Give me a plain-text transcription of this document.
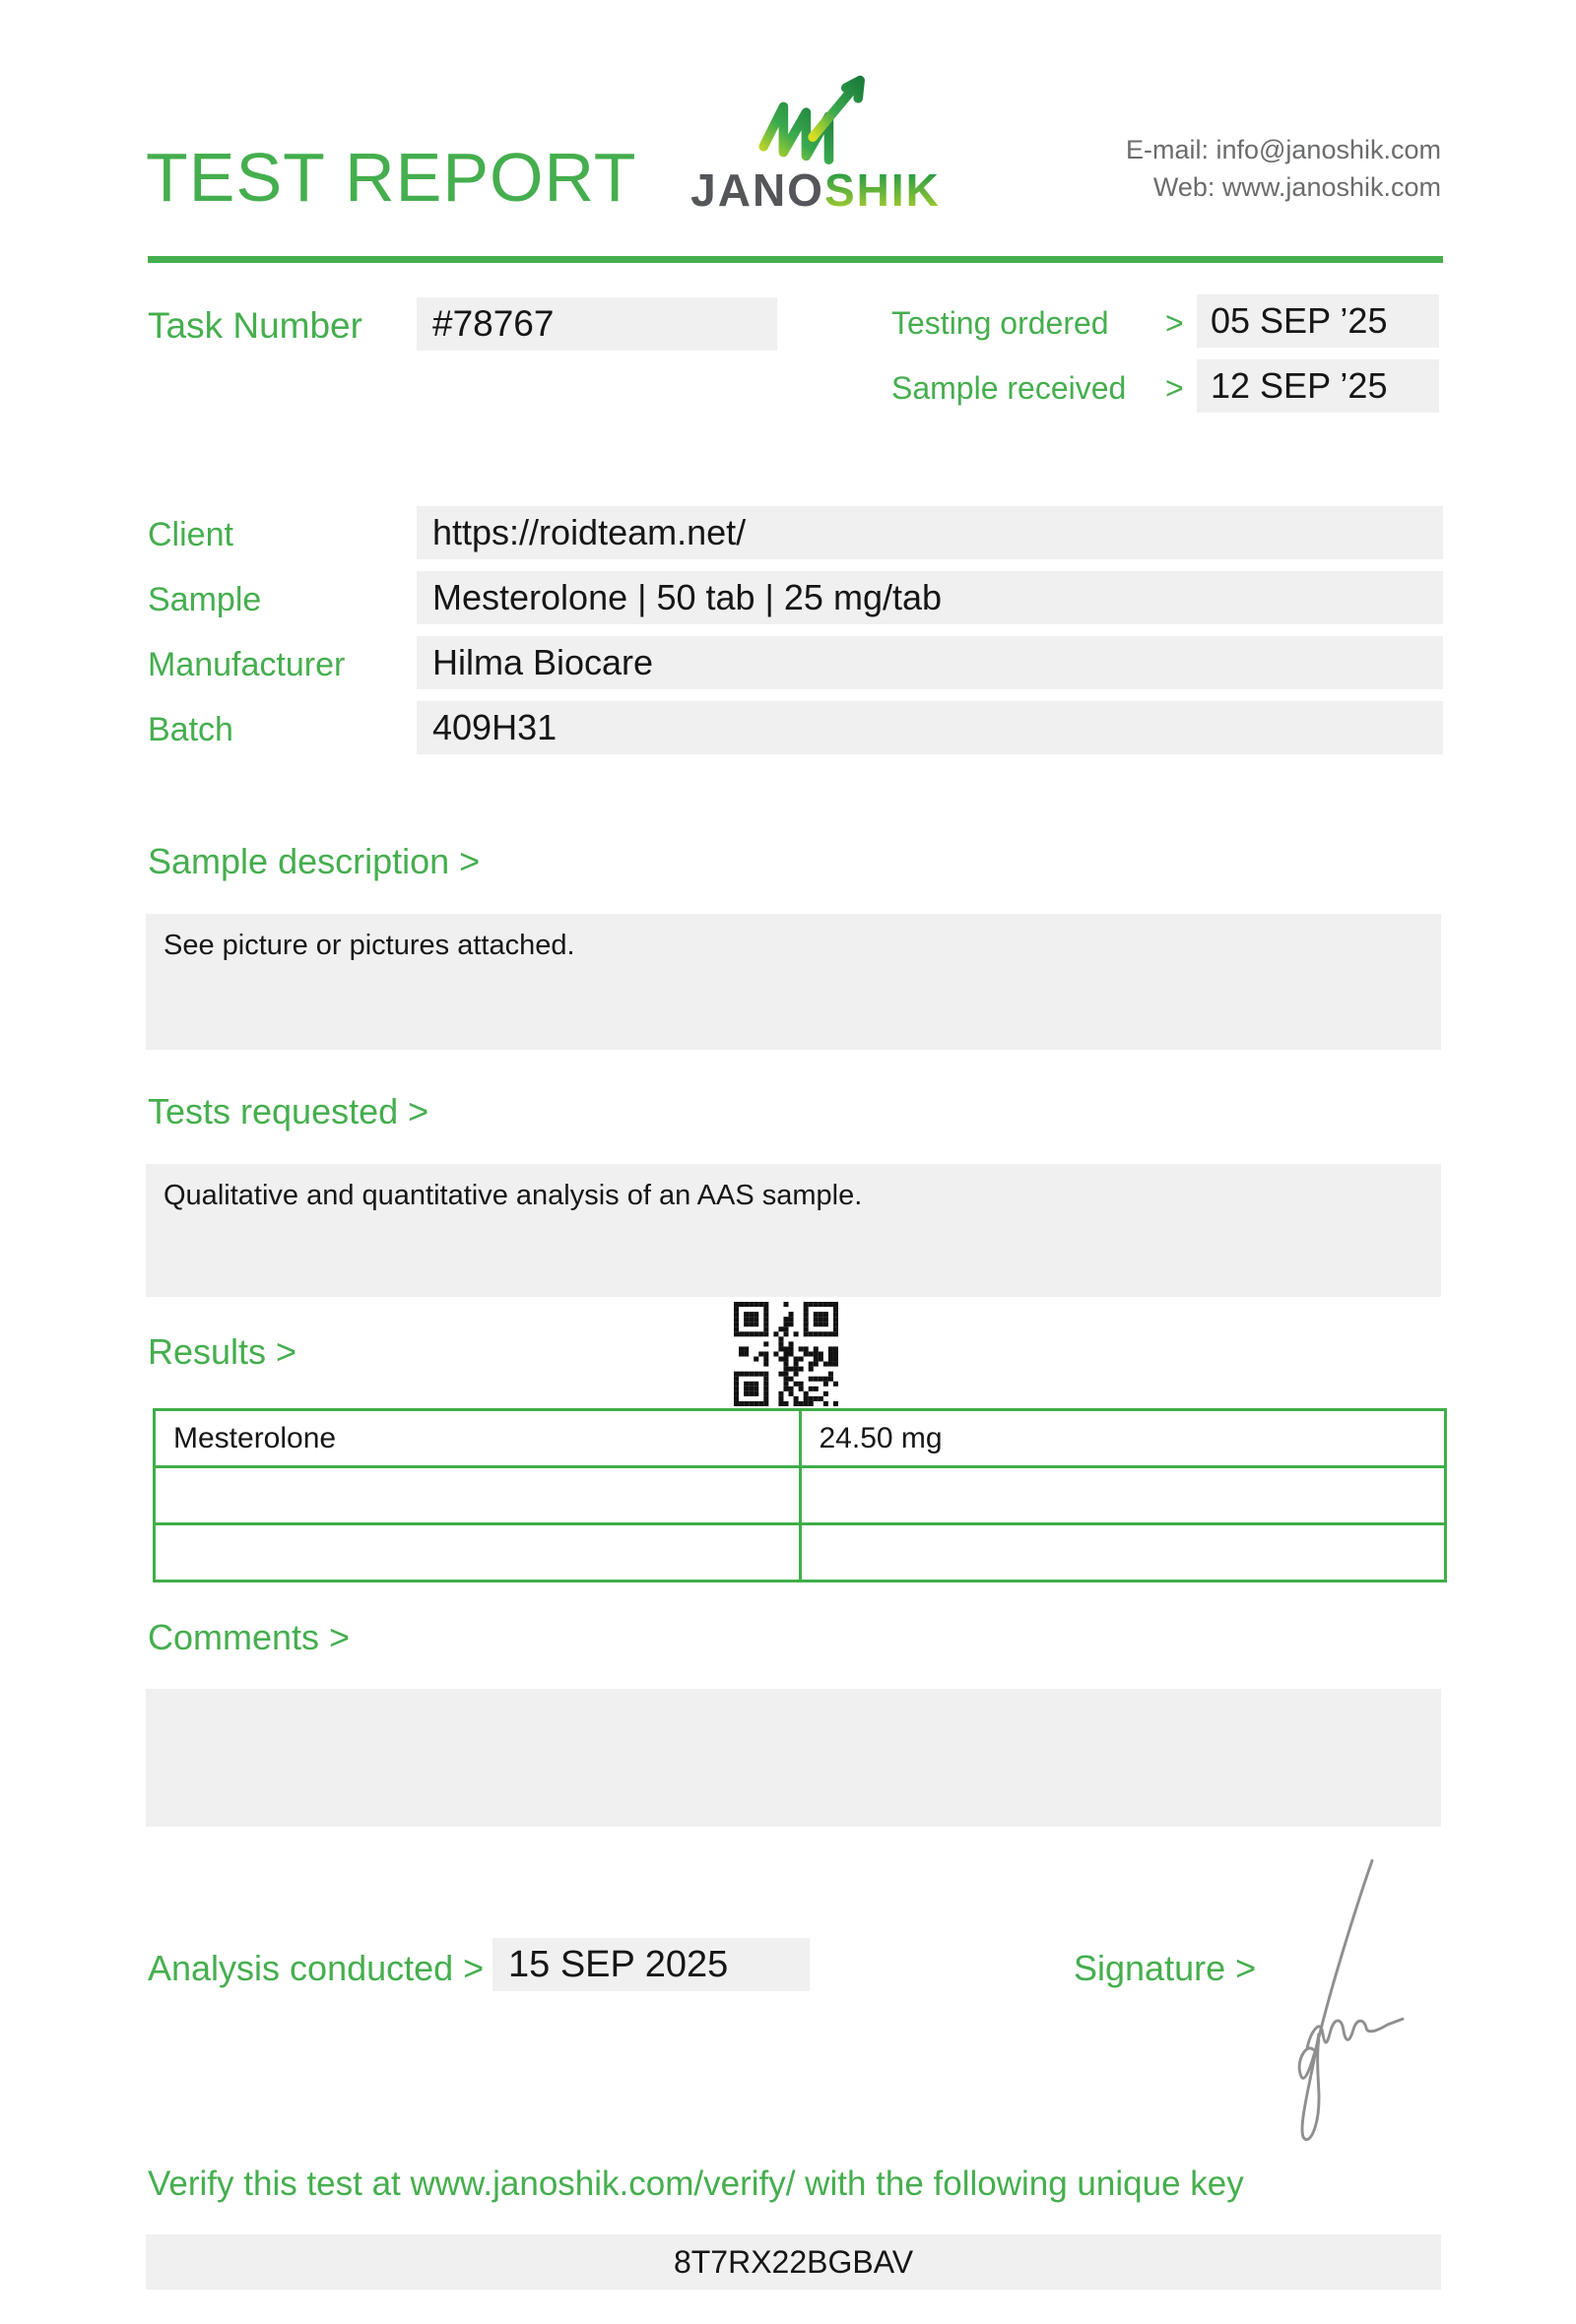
TEST REPORT	JANOSHIK
E-mail: info@janoshik.com
Web: www.janoshik.com
Task Number	#78767	Testing ordered > 05 SEP ’25
Sample received > 12 SEP ’25
Client	https://roidteam.net/
Sample	Mesterolone | 50 tab | 25 mg/tab
Manufacturer	Hilma Biocare
Batch	409H31
Sample description >
See picture or pictures attached.
Tests requested >
Qualitative and quantitative analysis of an AAS sample.
Results >
Mesterolone	24.50 mg

Comments >
Analysis conducted > 15 SEP 2025	Signature >
Verify this test at www.janoshik.com/verify/ with the following unique key
8T7RX22BGBAV
